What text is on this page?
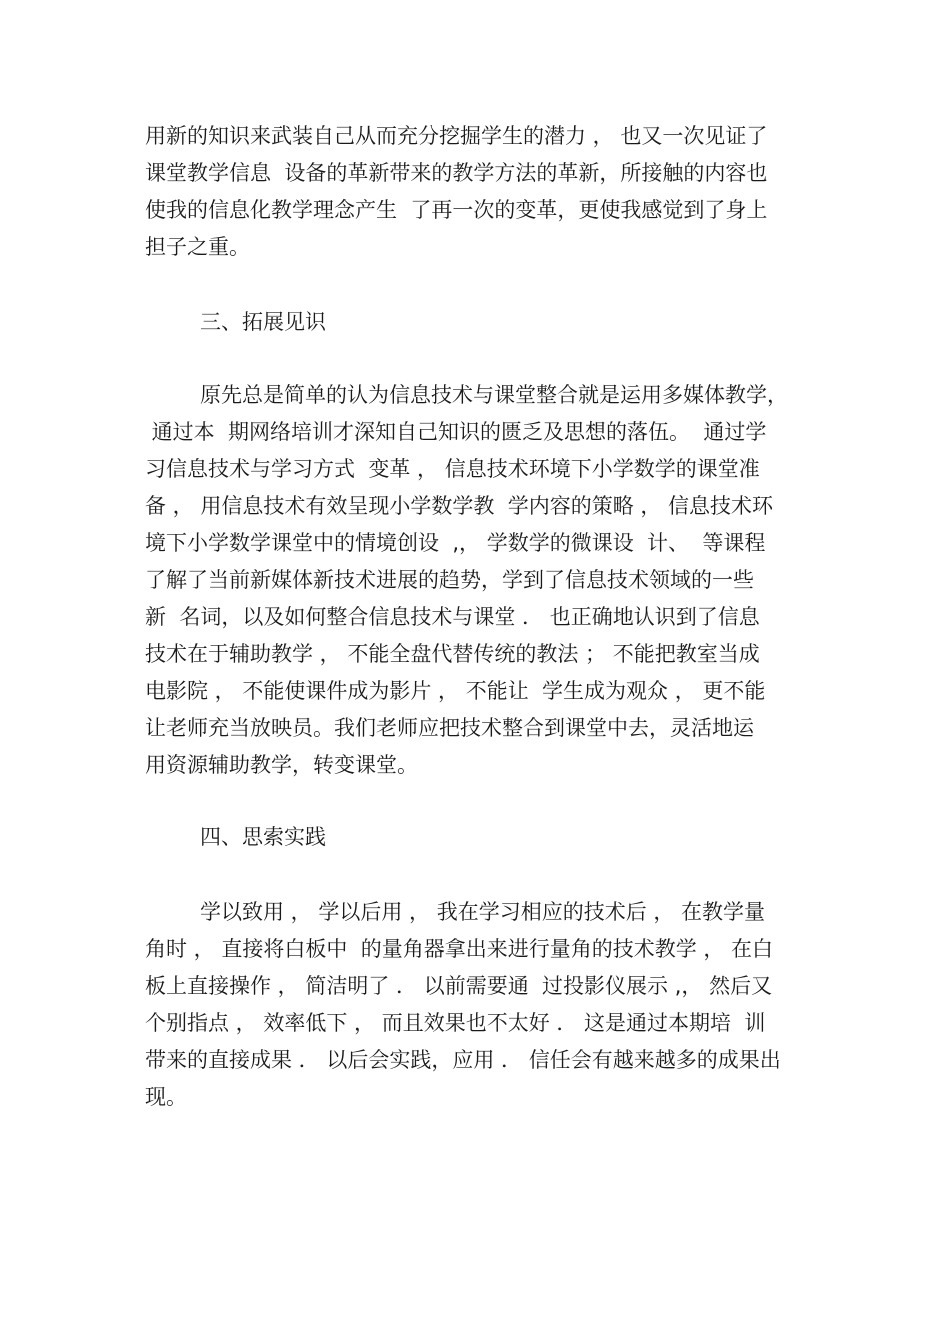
用新的知识来武装自己从而充分挖掘学生的潜力 ， 也又一次见证了
课堂教学信息  设备的革新带来的教学方法的革新，所接触的内容也
使我的信息化教学理念产生  了再一次的变革，更使我感觉到了身上
担子之重。
三、拓展见识
原先总是简单的认为信息技术与课堂整合就是运用多媒体教学，
通过本  期网络培训才深知自己知识的匮乏及思想的落伍。  通过学
习信息技术与学习方式  变革 ， 信息技术环境下小学数学的课堂准
备 ， 用信息技术有效呈现小学数学教  学内容的策略 ， 信息技术环
境下小学数学课堂中的情境创设  ,， 学数学的微课设  计、  等课程
了解了当前新媒体新技术进展的趋势，学到了信息技术领域的一些
新  名词，以及如何整合信息技术与课堂 ． 也正确地认识到了信息
技术在于辅助教学 ， 不能全盘代替传统的教法 ； 不能把教室当成
电影院 ， 不能使课件成为影片 ， 不能让  学生成为观众 ， 更不能
让老师充当放映员。我们老师应把技术整合到课堂中去，灵活地运
用资源辅助教学，转变课堂。
四、思索实践
学以致用 ， 学以后用 ， 我在学习相应的技术后 ， 在教学量
角时 ， 直接将白板中  的量角器拿出来进行量角的技术教学 ， 在白
板上直接操作 ， 简洁明了 ． 以前需要通  过投影仪展示 ,， 然后又
个别指点 ， 效率低下 ， 而且效果也不太好 ． 这是通过本期培  训
带来的直接成果 ． 以后会实践，应用 ． 信任会有越来越多的成果出
现。
